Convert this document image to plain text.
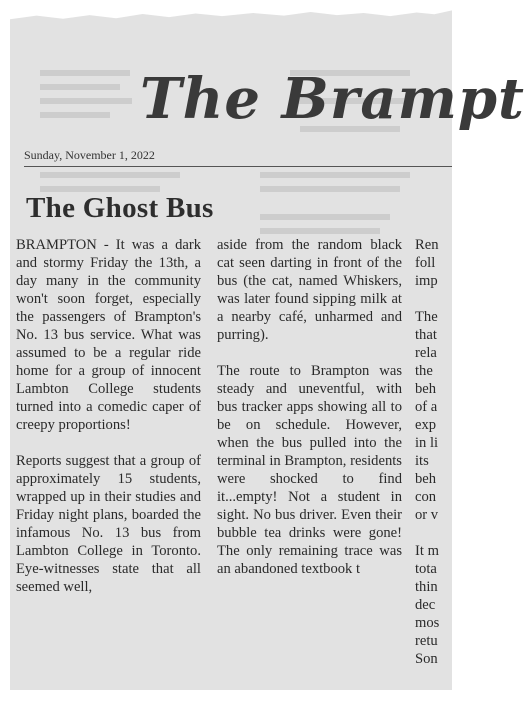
The Brampt
Sunday, November 1, 2022
The Ghost Bus

BRAMPTON - It was a dark and stormy Friday the 13th, a day many in the community won't soon forget, especially the passengers of Brampton's No. 13 bus service. What was assumed to be a regular ride home for a group of innocent Lambton College students turned into a comedic caper of creepy proportions!

Reports suggest that a group of approximately 15 students, wrapped up in their studies and Friday night plans, boarded the infamous No. 13 bus from Lambton College in Toronto. Eye-witnesses state that all seemed well,

aside from the random black cat seen darting in front of the bus (the cat, named Whiskers, was later found sipping milk at a nearby café, unharmed and purring).

The route to Brampton was steady and uneventful, with bus tracker apps showing all to be on schedule. However, when the bus pulled into the terminal in Brampton, residents were shocked to find it...empty! Not a student in sight. No bus driver. Even their bubble tea drinks were gone! The only remaining trace was an abandoned textbook t

Ren
foll
imp
The
that
rela
the
beh
of a
exp
in li
its
beh
con
or v
It m
tota
thin
dec
mos
retu
Son
